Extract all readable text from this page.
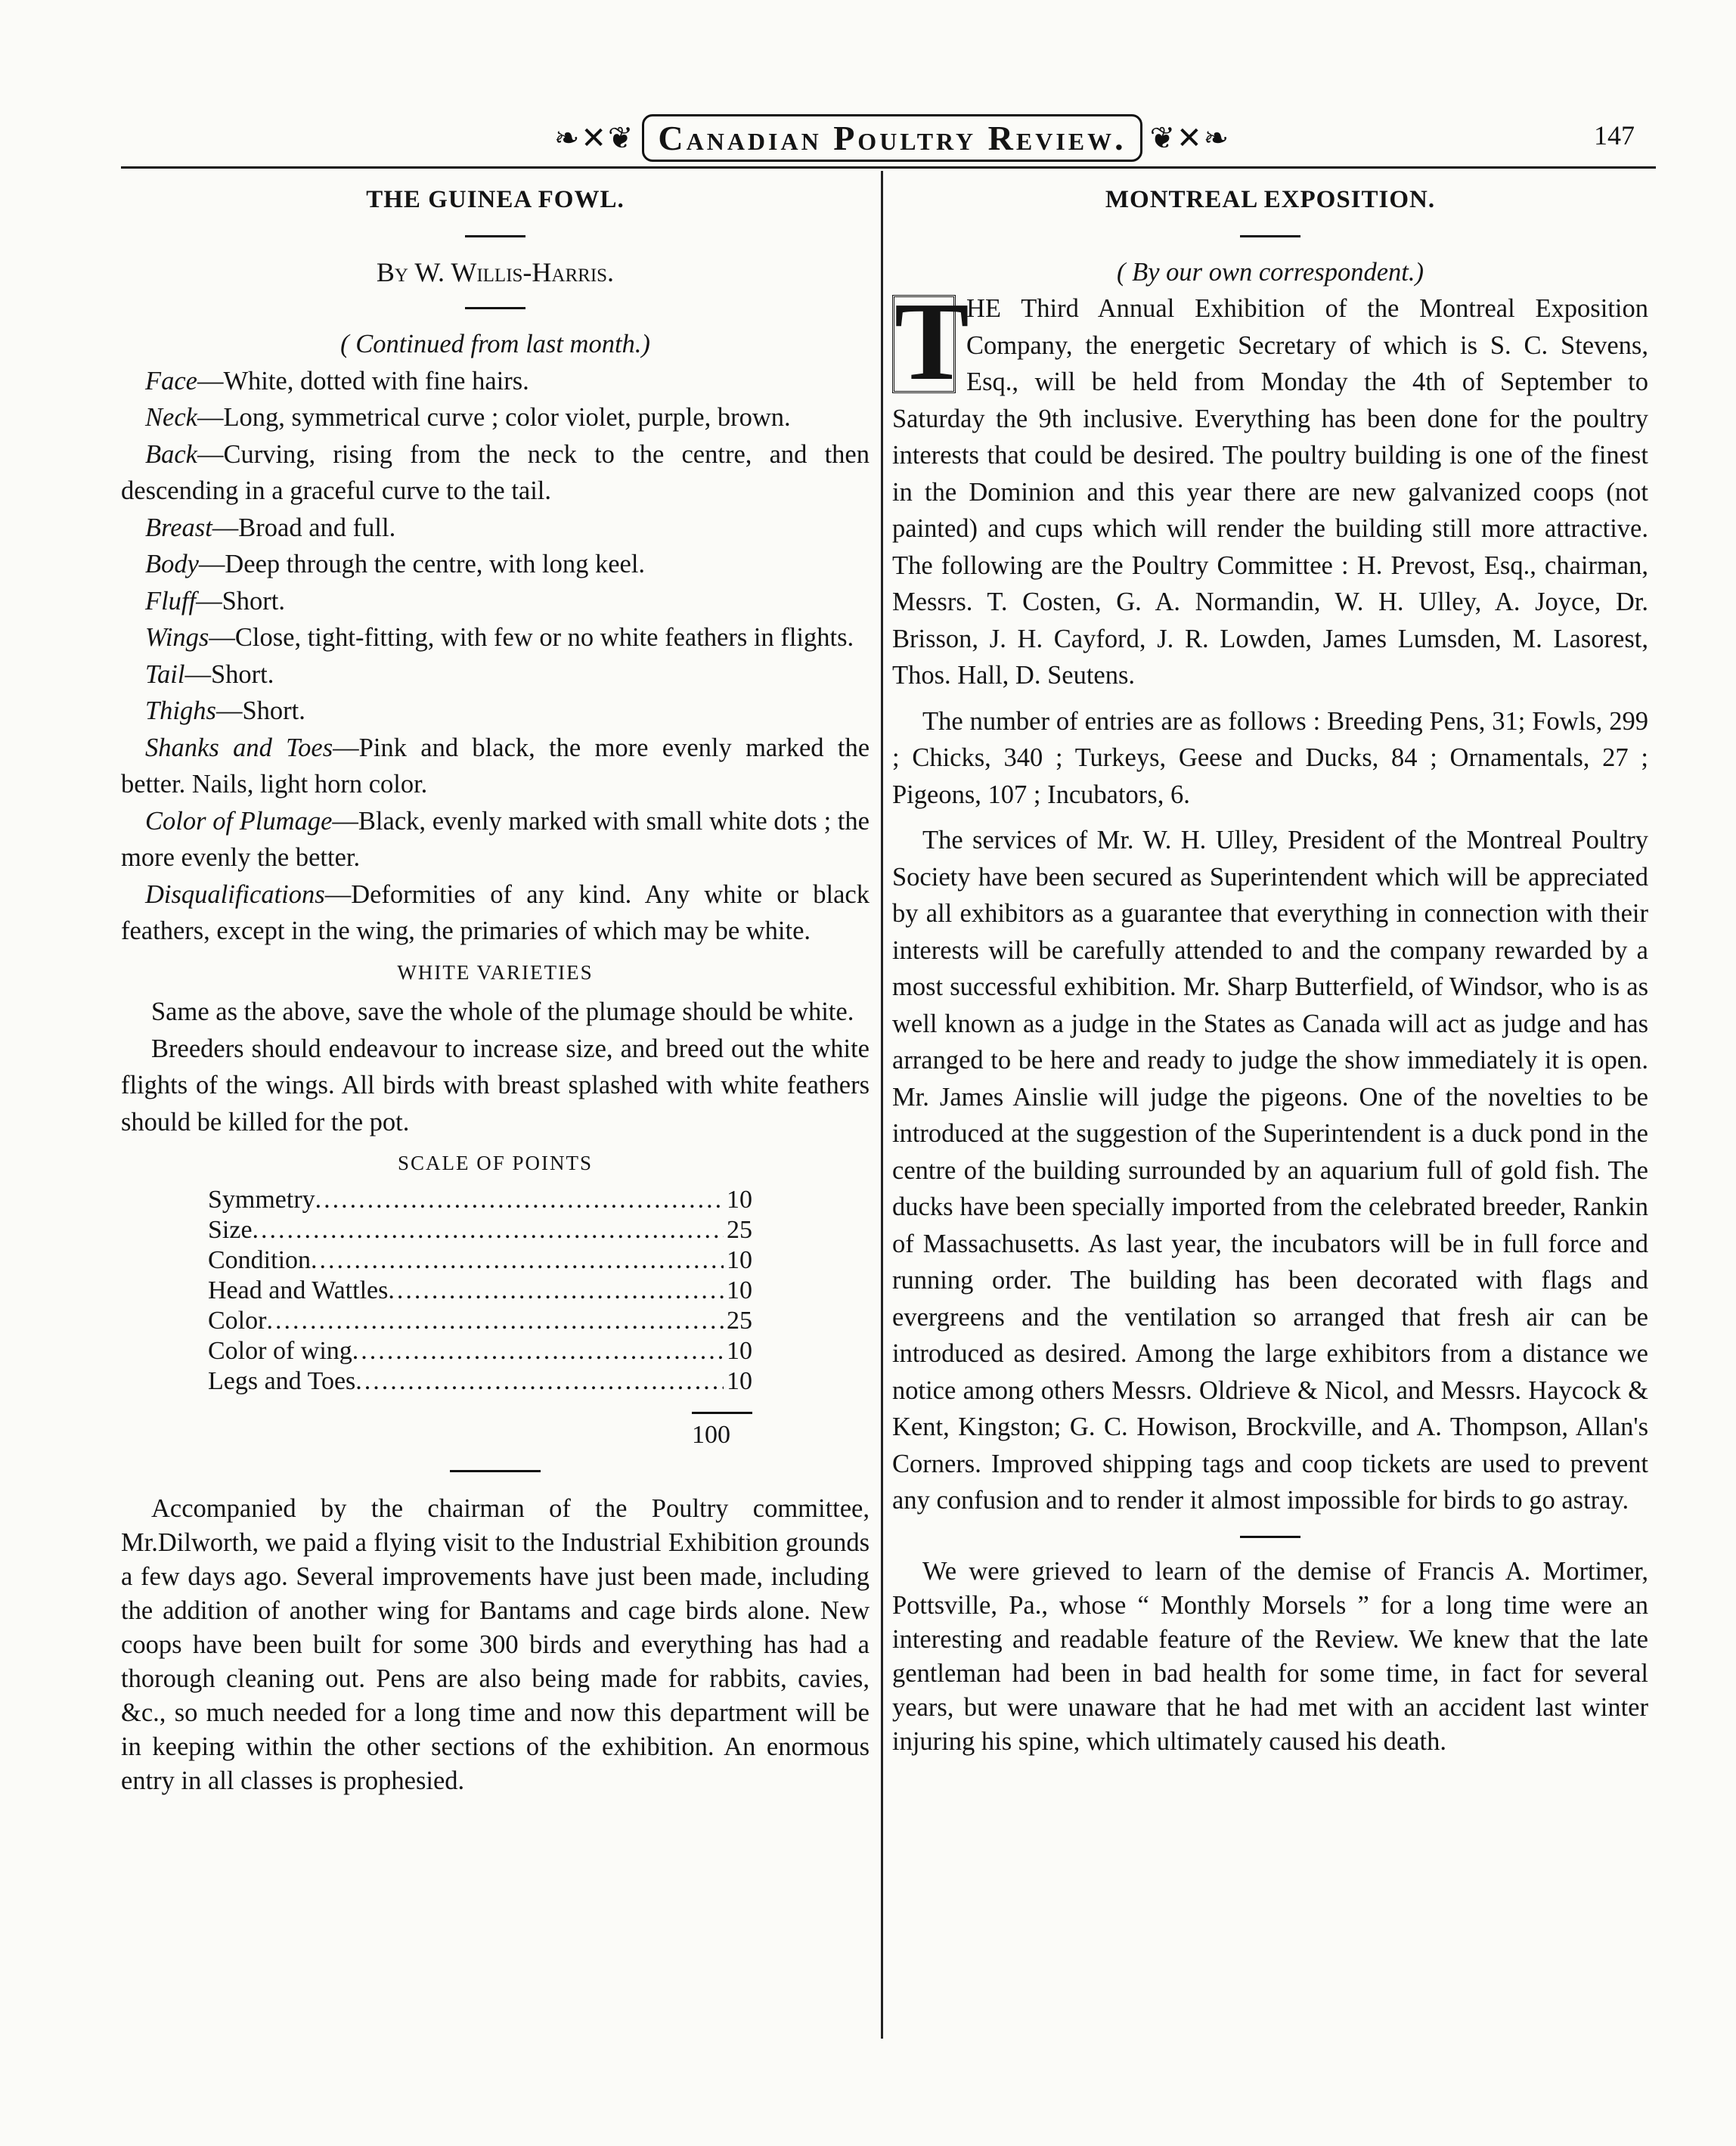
❧✕❦ Canadian Poultry Review. ❦✕❧	147

THE GUINEA FOWL.

By W. Willis-Harris.

( Continued from last month.)

Face—White, dotted with fine hairs.

Neck—Long, symmetrical curve ; color violet, purple, brown.

Back—Curving, rising from the neck to the centre, and then descending in a graceful curve to the tail.

Breast—Broad and full.

Body—Deep through the centre, with long keel.

Fluff—Short.

Wings—Close, tight-fitting, with few or no white feathers in flights.

Tail—Short.

Thighs—Short.

Shanks and Toes—Pink and black, the more evenly marked the better. Nails, light horn color.

Color of Plumage—Black, evenly marked with small white dots ; the more evenly the better.

Disqualifications—Deformities of any kind. Any white or black feathers, except in the wing, the primaries of which may be white.

WHITE VARIETIES

Same as the above, save the whole of the plumage should be white.

Breeders should endeavour to increase size, and breed out the white flights of the wings. All birds with breast splashed with white feathers should be killed for the pot.

SCALE OF POINTS

Symmetry .....	10
Size .....	25
Condition .....	10
Head and Wattles .....	10
Color .....	25
Color of wing .....	10
Legs and Toes .....	10
100

Accompanied by the chairman of the Poultry committee, Mr.Dilworth, we paid a flying visit to the Industrial Exhibition grounds a few days ago. Several improvements have just been made, including the addition of another wing for Bantams and cage birds alone. New coops have been built for some 300 birds and everything has had a thorough cleaning out. Pens are also being made for rabbits, cavies, &c., so much needed for a long time and now this department will be in keeping within the other sections of the exhibition. An enormous entry in all classes is prophesied.

MONTREAL EXPOSITION.

( By our own correspondent.)

T
HE Third Annual Exhibition of the Montreal Exposition Company, the energetic Secretary of which is S. C. Stevens, Esq., will be held from Monday the 4th of September to Saturday the 9th inclusive. Everything has been done for the poultry interests that could be desired. The poultry building is one of the finest in the Dominion and this year there are new galvanized coops (not painted) and cups which will render the building still more attractive. The following are the Poultry Committee : H. Prevost, Esq., chairman, Messrs. T. Costen, G. A. Normandin, W. H. Ulley, A. Joyce, Dr. Brisson, J. H. Cayford, J. R. Lowden, James Lumsden, M. Lasorest, Thos. Hall, D. Seutens.

The number of entries are as follows : Breeding Pens, 31; Fowls, 299 ; Chicks, 340 ; Turkeys, Geese and Ducks, 84 ; Ornamentals, 27 ; Pigeons, 107 ; Incubators, 6.

The services of Mr. W. H. Ulley, President of the Montreal Poultry Society have been secured as Superintendent which will be appreciated by all exhibitors as a guarantee that everything in connection with their interests will be carefully attended to and the company rewarded by a most successful exhibition. Mr. Sharp Butterfield, of Windsor, who is as well known as a judge in the States as Canada will act as judge and has arranged to be here and ready to judge the show immediately it is open. Mr. James Ainslie will judge the pigeons. One of the novelties to be introduced at the suggestion of the Superintendent is a duck pond in the centre of the building surrounded by an aquarium full of gold fish. The ducks have been specially imported from the celebrated breeder, Rankin of Massachusetts. As last year, the incubators will be in full force and running order. The building has been decorated with flags and evergreens and the ventilation so arranged that fresh air can be introduced as desired. Among the large exhibitors from a distance we notice among others Messrs. Oldrieve & Nicol, and Messrs. Haycock & Kent, Kingston; G. C. Howison, Brockville, and A. Thompson, Allan's Corners. Improved shipping tags and coop tickets are used to prevent any confusion and to render it almost impossible for birds to go astray.

We were grieved to learn of the demise of Francis A. Mortimer, Pottsville, Pa., whose “ Monthly Morsels ” for a long time were an interesting and readable feature of the Review. We knew that the late gentleman had been in bad health for some time, in fact for several years, but were unaware that he had met with an accident last winter injuring his spine, which ultimately caused his death.
